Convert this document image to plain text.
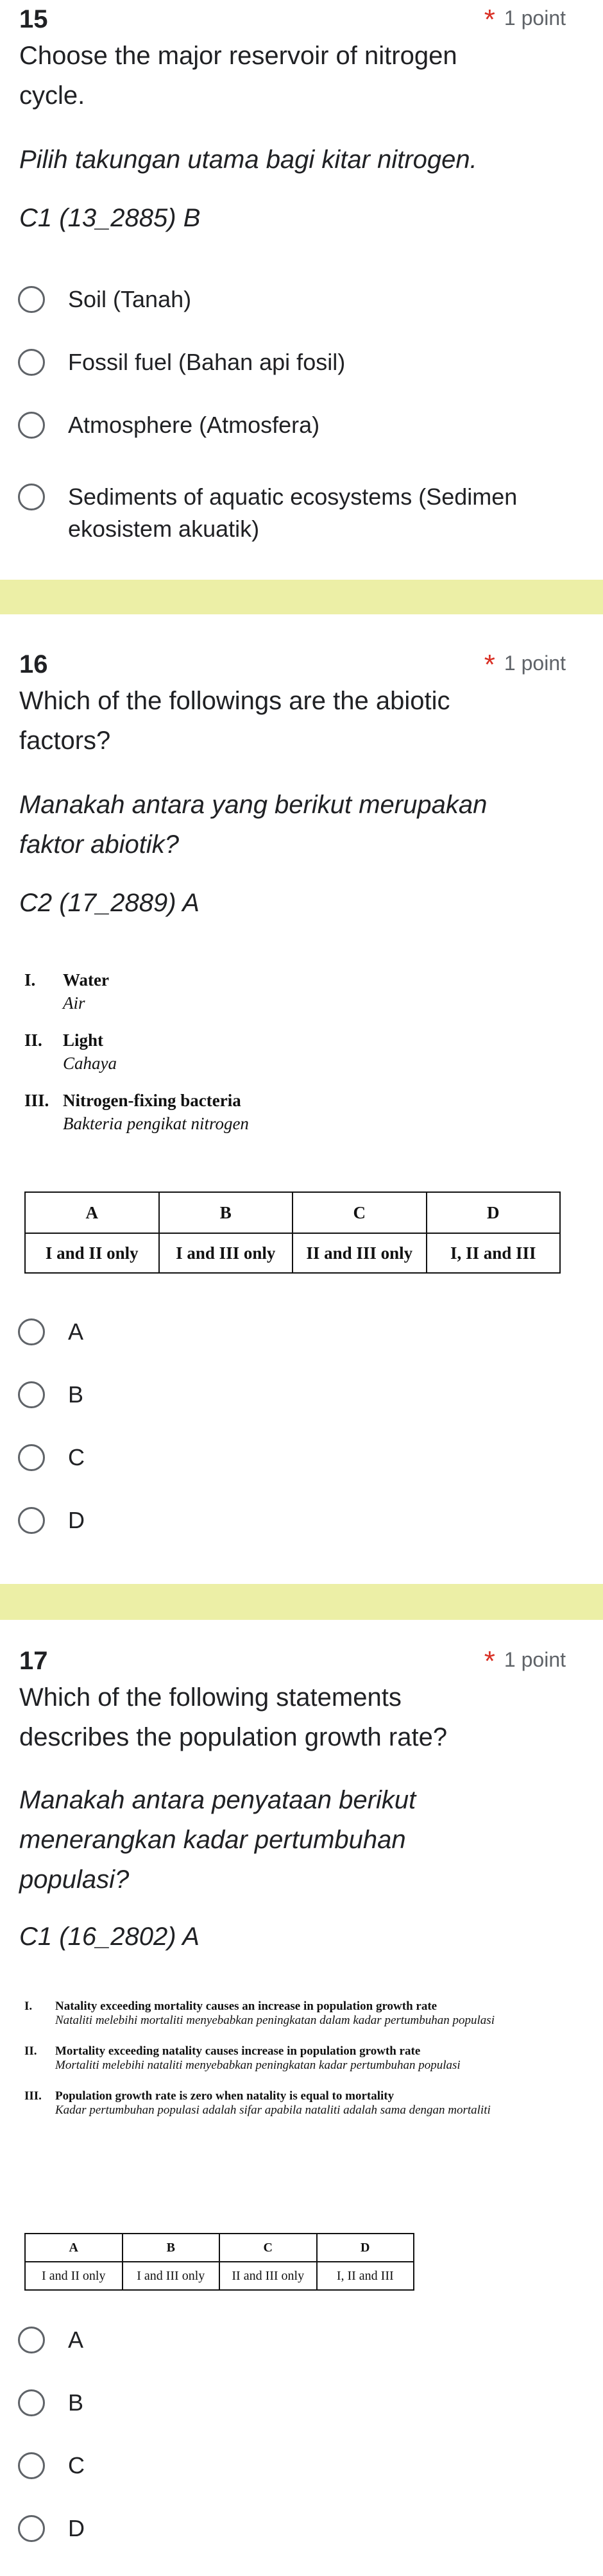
15	* 1 point
Choose the major reservoir of nitrogen cycle.
Pilih takungan utama bagi kitar nitrogen.
C1 (13_2885) B
Soil (Tanah)
Fossil fuel (Bahan api fosil)
Atmosphere (Atmosfera)
Sediments of aquatic ecosystems (Sedimen ekosistem akuatik)
16	* 1 point
Which of the followings are the abiotic factors?
Manakah antara yang berikut merupakan faktor abiotik?
C2 (17_2889) A
I.	Water
Air
II.	Light
Cahaya
III. Nitrogen-fixing bacteria
Bakteria pengikat nitrogen
A	B	C	D
I and II only	I and III only	II and III only	I, II and III
A
B
C
D
17	* 1 point
Which of the following statements describes the population growth rate?
Manakah antara penyataan berikut menerangkan kadar pertumbuhan populasi?
C1 (16_2802) A
I.	Natality exceeding mortality causes an increase in population growth rate
Nataliti melebihi mortaliti menyebabkan peningkatan dalam kadar pertumbuhan populasi
II.	Mortality exceeding natality causes increase in population growth rate
Mortaliti melebihi nataliti menyebabkan peningkatan kadar pertumbuhan populasi
III.	Population growth rate is zero when natality is equal to mortality
Kadar pertumbuhan populasi adalah sifar apabila nataliti adalah sama dengan mortaliti
A	B	C	D
I and II only	I and III only	II and III only	I, II and III
A
B
C
D
